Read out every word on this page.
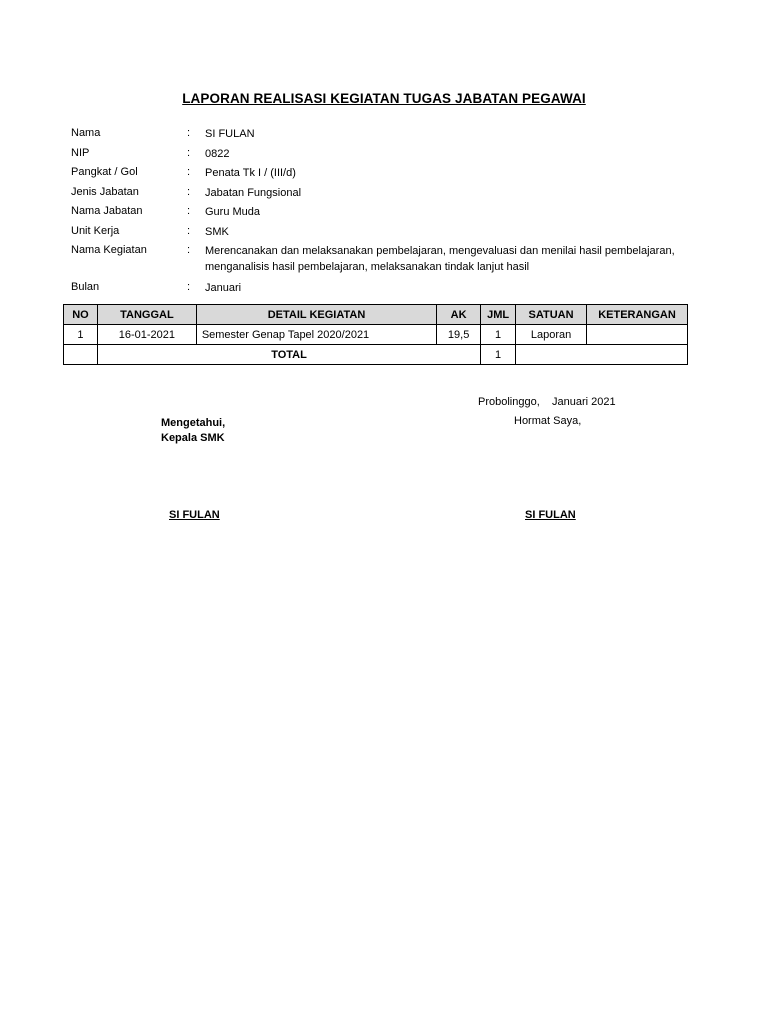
LAPORAN REALISASI KEGIATAN TUGAS JABATAN PEGAWAI
Nama	:	SI FULAN
NIP	:	0822
Pangkat / Gol	:	Penata Tk I / (III/d)
Jenis Jabatan	:	Jabatan Fungsional
Nama Jabatan	:	Guru Muda
Unit Kerja	:	SMK
Nama Kegiatan	:	Merencanakan dan melaksanakan pembelajaran, mengevaluasi dan menilai hasil pembelajaran, menganalisis hasil pembelajaran, melaksanakan tindak lanjut hasil
Bulan	:	Januari
NO	TANGGAL	DETAIL KEGIATAN	AK	JML	SATUAN	KETERANGAN
1	16-01-2021	Semester Genap Tapel 2020/2021	19,5	1	Laporan	
	TOTAL			1		
Probolinggo,    Januari 2021
Hormat Saya,
Mengetahui,
Kepala SMK
SI FULAN	SI FULAN
